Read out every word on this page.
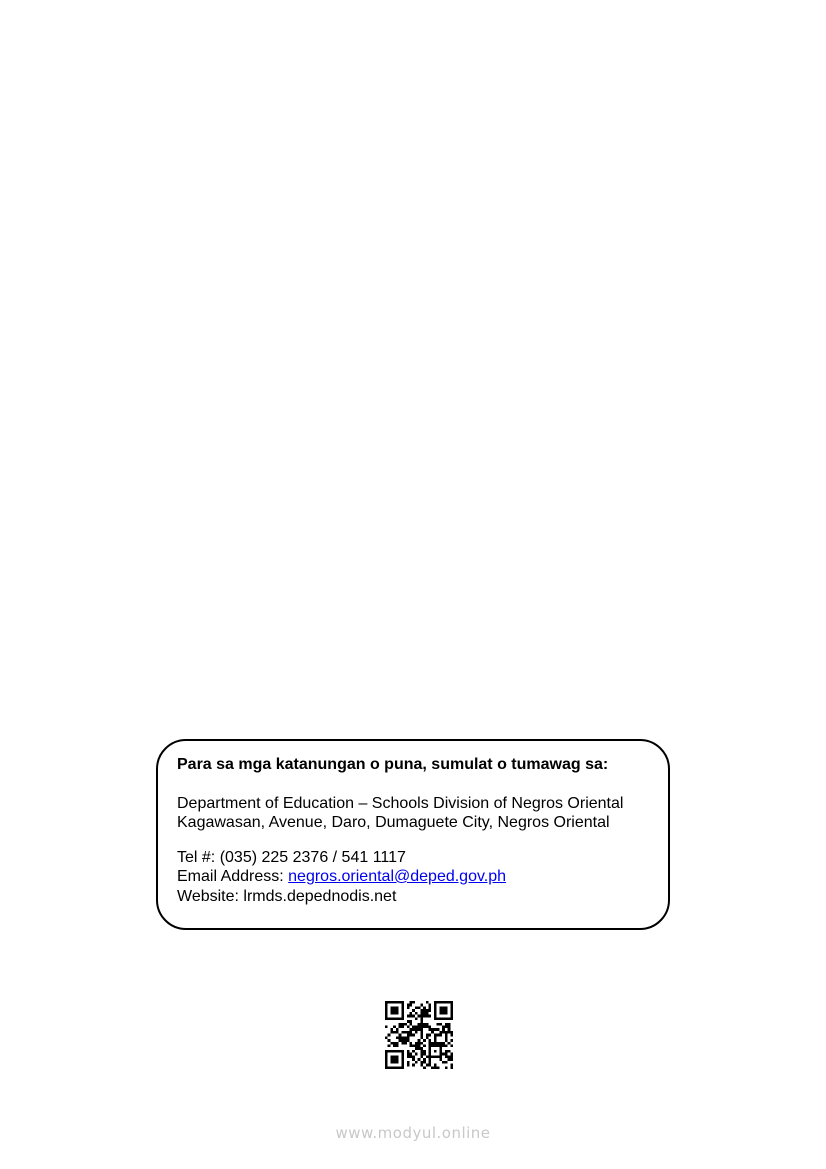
Para sa mga katanungan o puna, sumulat o tumawag sa:

Department of Education – Schools Division of Negros Oriental

Kagawasan, Avenue, Daro, Dumaguete City, Negros Oriental

Tel #: (035) 225 2376 / 541 1117

Email Address: negros.oriental@deped.gov.ph

Website: lrmds.depednodis.net

www.modyul.online
